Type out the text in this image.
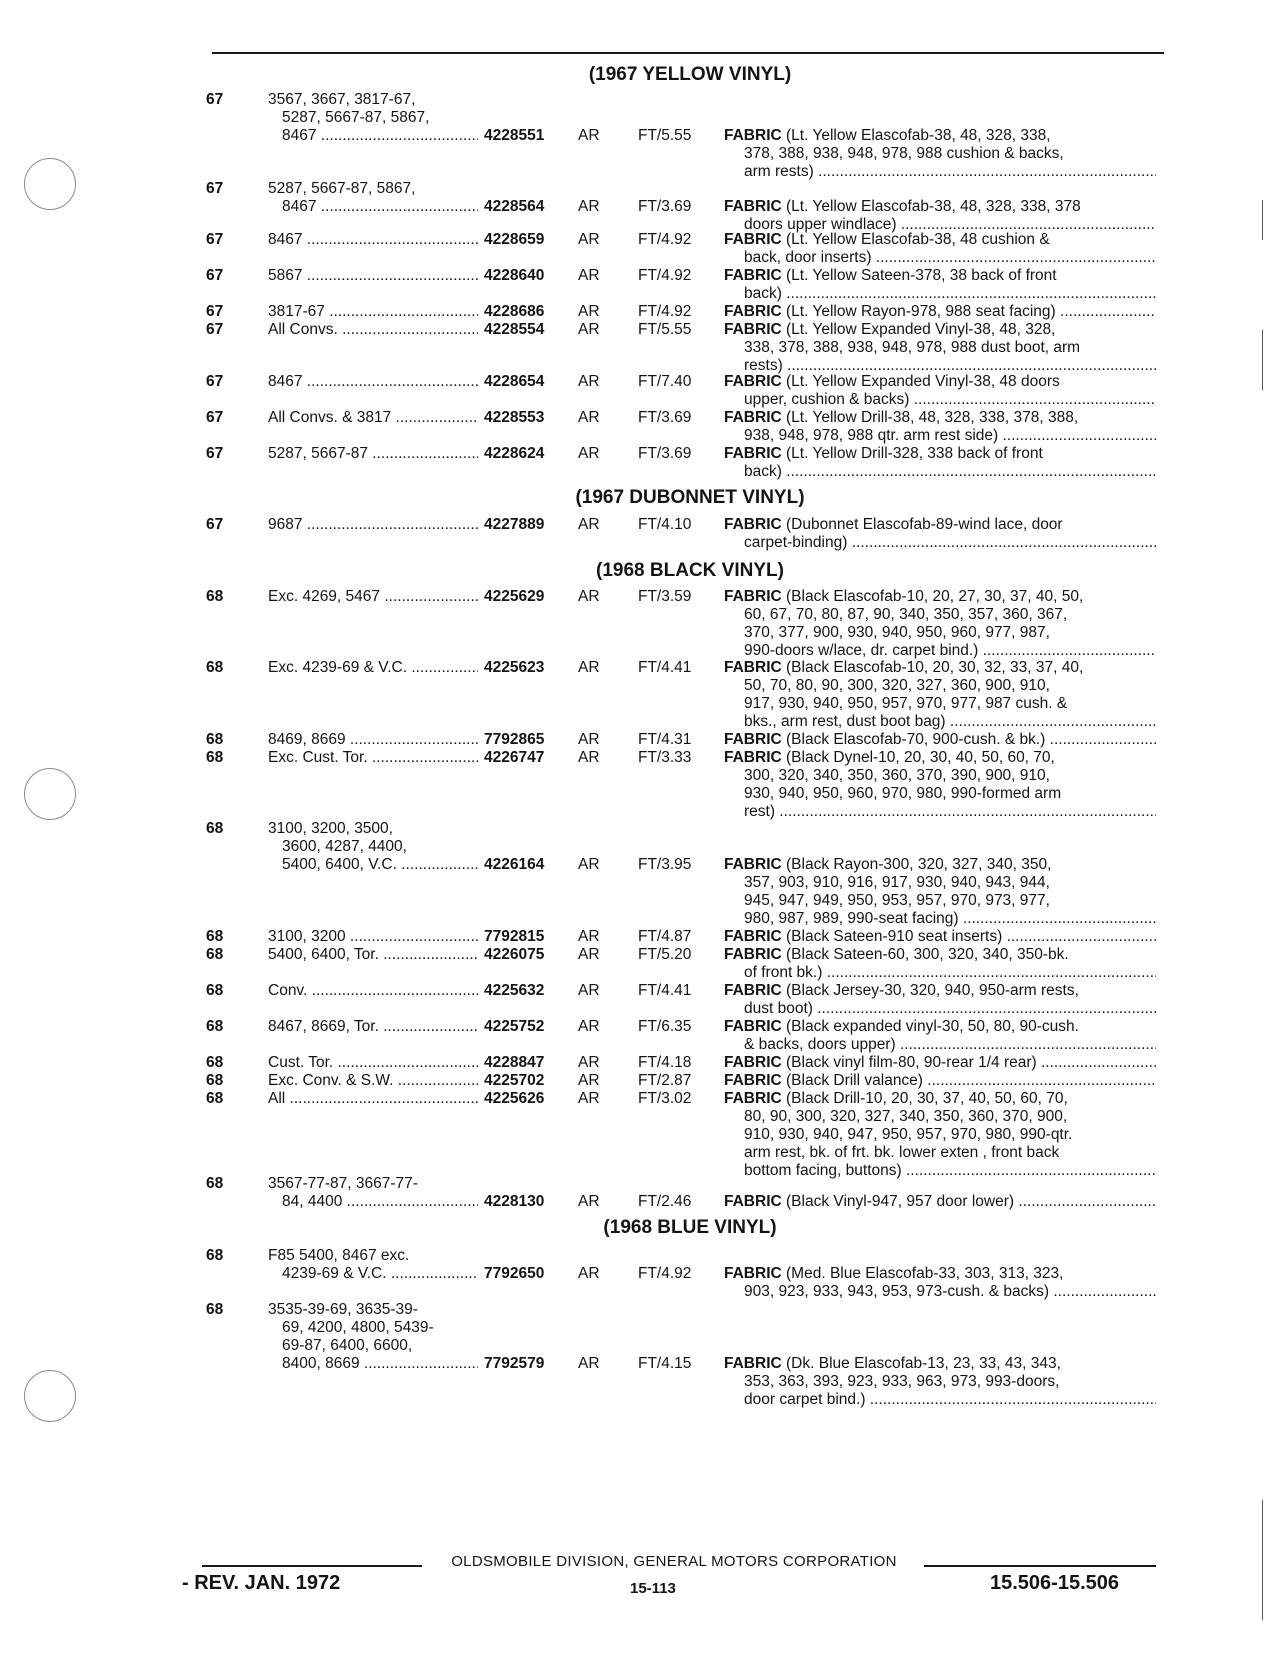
(1967 YELLOW VINYL)
67	3567, 3667, 3817-67,
5287, 5667-87, 5867,
8467 .....	4228551 AR FT/5.55 FABRIC (Lt. Yellow Elascofab-38, 48, 328, 338,
378, 388, 938, 948, 978, 988 cushion & backs,
arm rests) .....
67	5287, 5667-87, 5867,
8467 .....	4228564 AR FT/3.69 FABRIC (Lt. Yellow Elascofab-38, 48, 328, 338, 378
doors upper windlace) .....
67	8467 .....	4228659 AR FT/4.92 FABRIC (Lt. Yellow Elascofab-38, 48 cushion &
back, door inserts) .....
67	5867 .....	4228640 AR FT/4.92 FABRIC (Lt. Yellow Sateen-378, 38 back of front
back) .....
67	3817-67 .....	4228686 AR FT/4.92 FABRIC (Lt. Yellow Rayon-978, 988 seat facing) .....
67	All Convs. .....	4228554 AR FT/5.55 FABRIC (Lt. Yellow Expanded Vinyl-38, 48, 328,
338, 378, 388, 938, 948, 978, 988 dust boot, arm
rests) .....
67	8467 .....	4228654 AR FT/7.40 FABRIC (Lt. Yellow Expanded Vinyl-38, 48 doors
upper, cushion & backs) .....
67	All Convs. & 3817 .....	4228553 AR FT/3.69 FABRIC (Lt. Yellow Drill-38, 48, 328, 338, 378, 388,
938, 948, 978, 988 qtr. arm rest side) .....
67	5287, 5667-87 .....	4228624 AR FT/3.69 FABRIC (Lt. Yellow Drill-328, 338 back of front
back) .....
(1967 DUBONNET VINYL)
67	9687 .....	4227889 AR FT/4.10 FABRIC (Dubonnet Elascofab-89-wind lace, door
carpet-binding) .....
(1968 BLACK VINYL)
68	Exc. 4269, 5467 .....	4225629 AR FT/3.59 FABRIC (Black Elascofab-10, 20, 27, 30, 37, 40, 50,
60, 67, 70, 80, 87, 90, 340, 350, 357, 360, 367,
370, 377, 900, 930, 940, 950, 960, 977, 987,
990-doors w/lace, dr. carpet bind.) .....
68	Exc. 4239-69 & V.C. .....	4225623 AR FT/4.41 FABRIC (Black Elascofab-10, 20, 30, 32, 33, 37, 40,
50, 70, 80, 90, 300, 320, 327, 360, 900, 910,
917, 930, 940, 950, 957, 970, 977, 987 cush. &
bks., arm rest, dust boot bag) .....
68	8469, 8669 .....	7792865 AR FT/4.31 FABRIC (Black Elascofab-70, 900-cush. & bk.) .....
68	Exc. Cust. Tor. .....	4226747 AR FT/3.33 FABRIC (Black Dynel-10, 20, 30, 40, 50, 60, 70,
300, 320, 340, 350, 360, 370, 390, 900, 910,
930, 940, 950, 960, 970, 980, 990-formed arm
rest) .....
68	3100, 3200, 3500,
3600, 4287, 4400,
5400, 6400, V.C. .....	4226164 AR FT/3.95 FABRIC (Black Rayon-300, 320, 327, 340, 350,
357, 903, 910, 916, 917, 930, 940, 943, 944,
945, 947, 949, 950, 953, 957, 970, 973, 977,
980, 987, 989, 990-seat facing) .....
68	3100, 3200 .....	7792815 AR FT/4.87 FABRIC (Black Sateen-910 seat inserts) .....
68	5400, 6400, Tor. .....	4226075 AR FT/5.20 FABRIC (Black Sateen-60, 300, 320, 340, 350-bk.
of front bk.) .....
68	Conv. .....	4225632 AR FT/4.41 FABRIC (Black Jersey-30, 320, 940, 950-arm rests,
dust boot) .....
68	8467, 8669, Tor. .....	4225752 AR FT/6.35 FABRIC (Black expanded vinyl-30, 50, 80, 90-cush.
& backs, doors upper) .....
68	Cust. Tor. .....	4228847 AR FT/4.18 FABRIC (Black vinyl film-80, 90-rear 1/4 rear) .....
68	Exc. Conv. & S.W. .....	4225702 AR FT/2.87 FABRIC (Black Drill valance) .....
68	All .....	4225626 AR FT/3.02 FABRIC (Black Drill-10, 20, 30, 37, 40, 50, 60, 70,
80, 90, 300, 320, 327, 340, 350, 360, 370, 900,
910, 930, 940, 947, 950, 957, 970, 980, 990-qtr.
arm rest, bk. of frt. bk. lower exten , front back
bottom facing, buttons) .....
68	3567-77-87, 3667-77-
84, 4400 .....	4228130 AR FT/2.46 FABRIC (Black Vinyl-947, 957 door lower) .....
(1968 BLUE VINYL)
68	F85 5400, 8467 exc.
4239-69 & V.C. .....	7792650 AR FT/4.92 FABRIC (Med. Blue Elascofab-33, 303, 313, 323,
903, 923, 933, 943, 953, 973-cush. & backs) .....
68	3535-39-69, 3635-39-
69, 4200, 4800, 5439-
69-87, 6400, 6600,
8400, 8669 .....	7792579 AR FT/4.15 FABRIC (Dk. Blue Elascofab-13, 23, 33, 43, 343,
353, 363, 393, 923, 933, 963, 973, 993-doors,
door carpet bind.) .....
OLDSMOBILE DIVISION, GENERAL MOTORS CORPORATION
- REV. JAN. 1972	15-113	15.506-15.506
